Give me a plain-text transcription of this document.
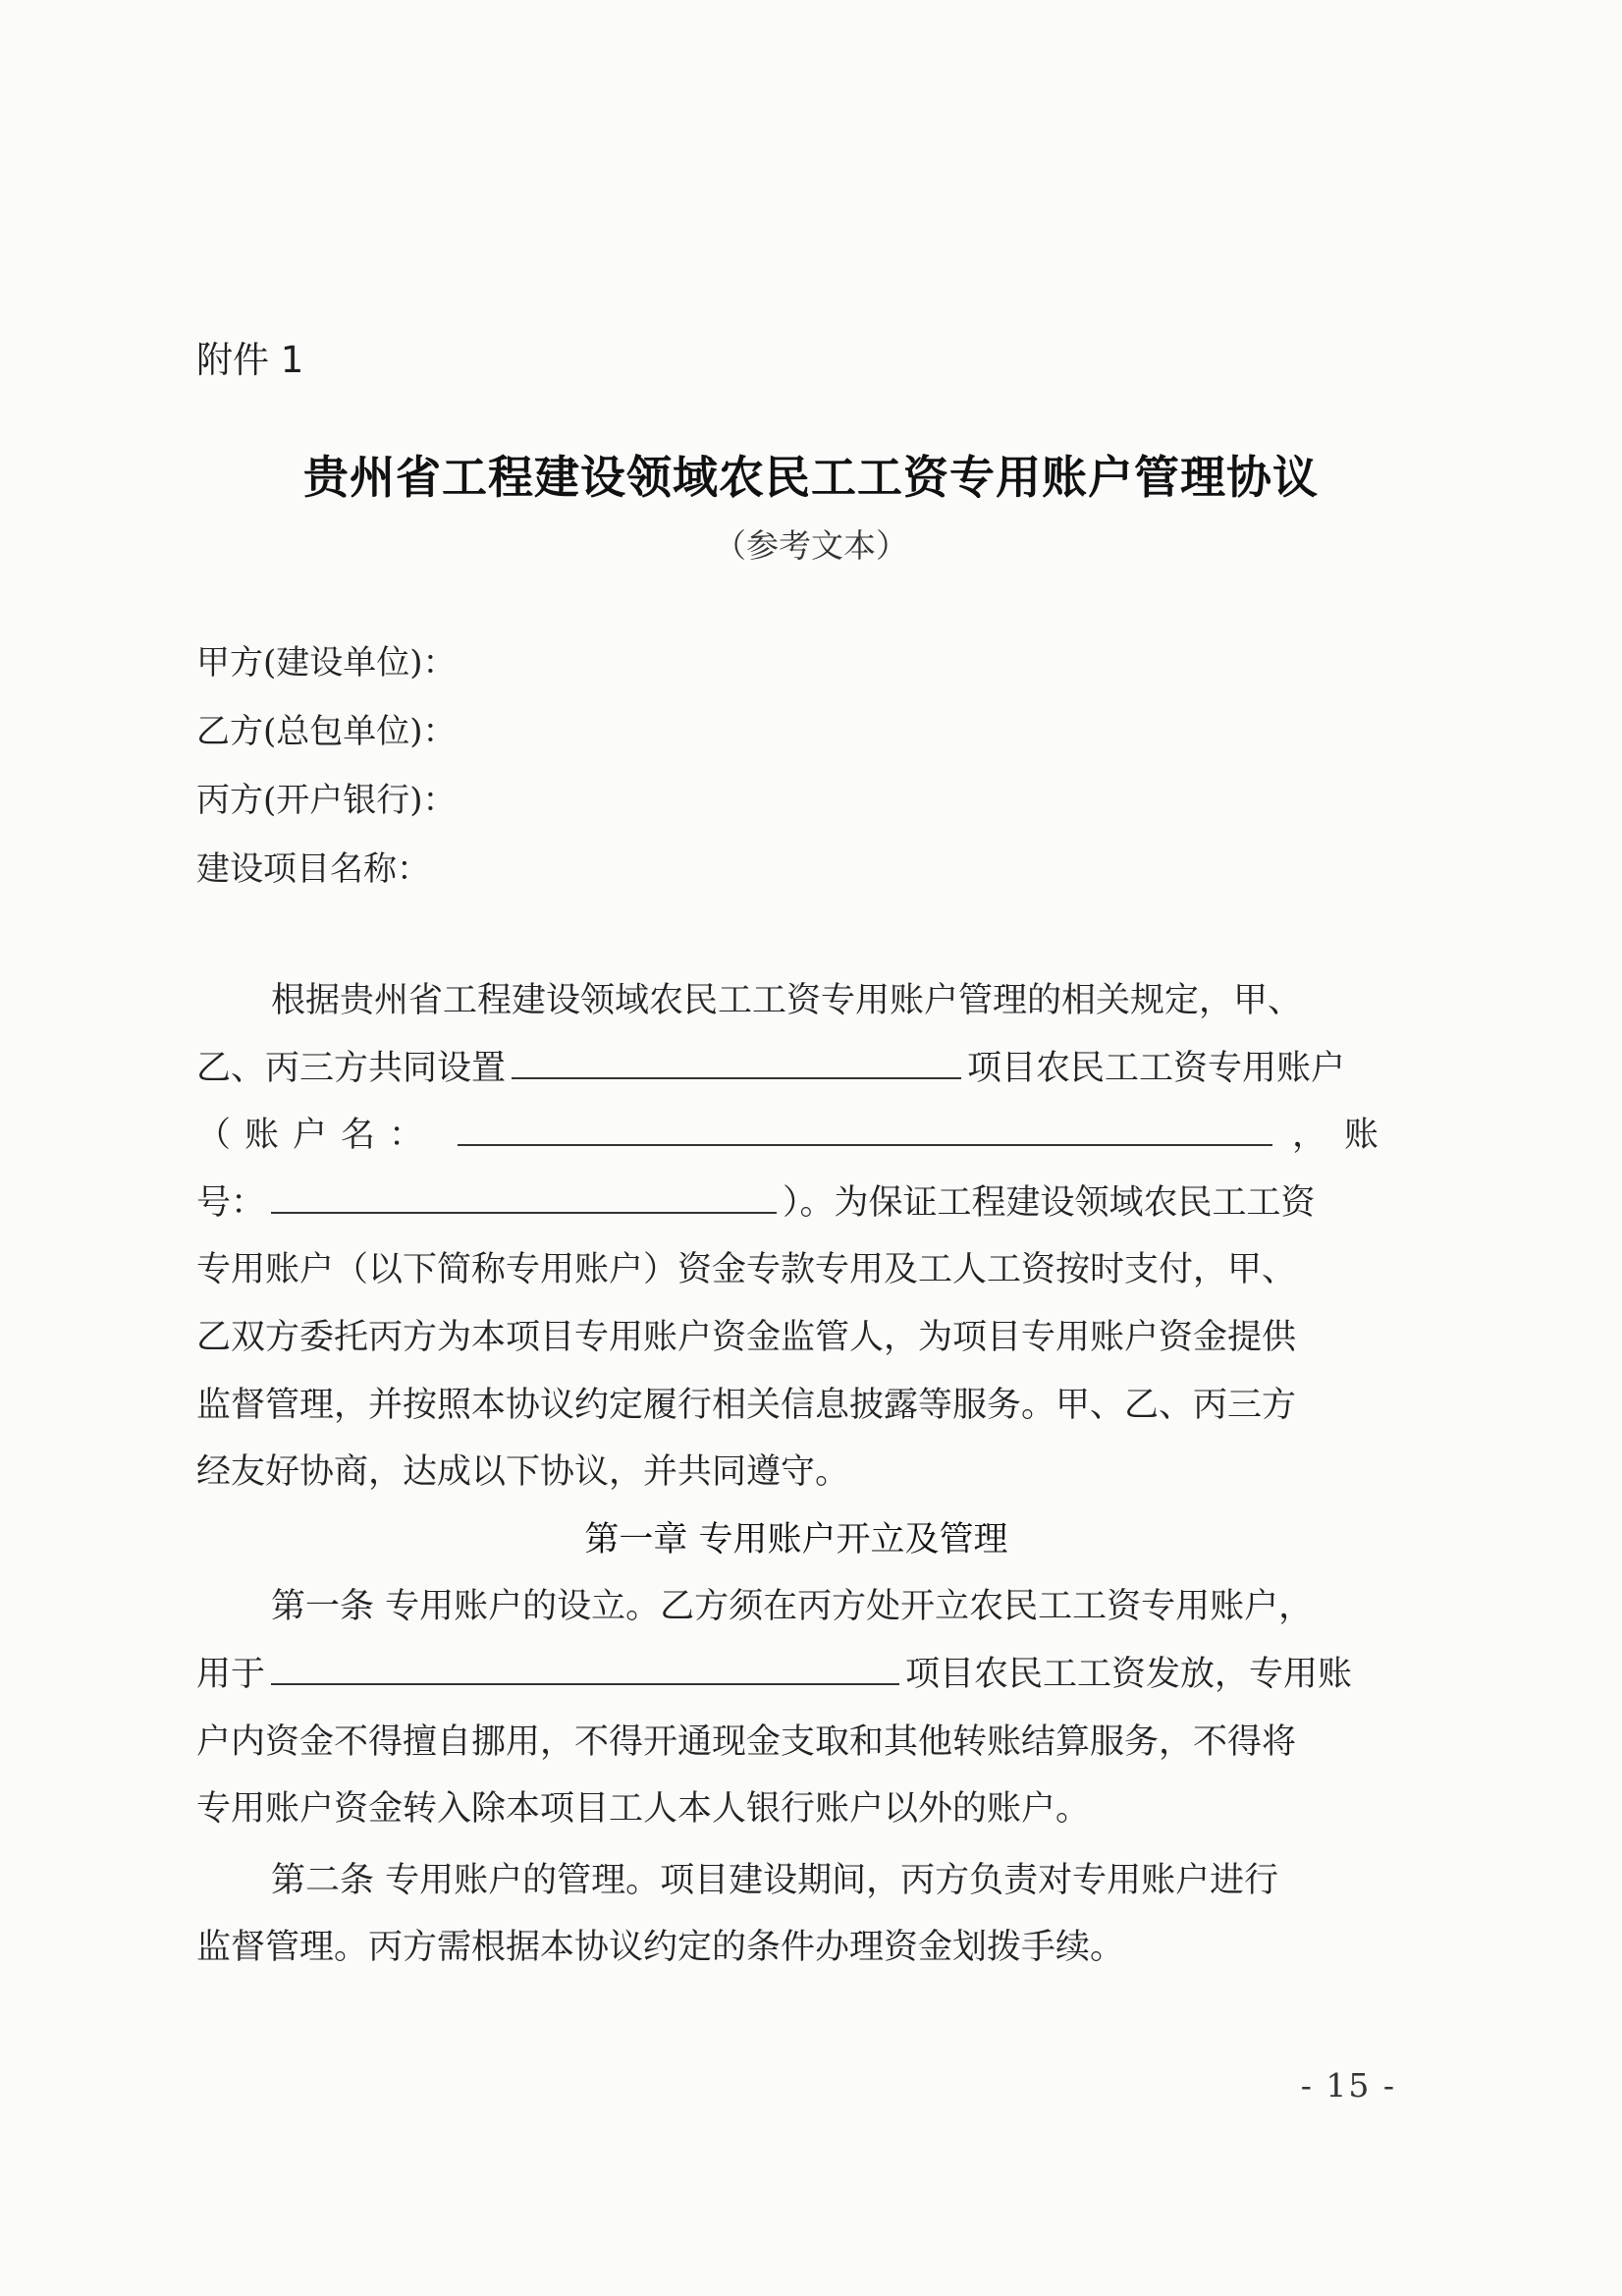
附件 1
贵州省工程建设领域农民工工资专用账户管理协议
（参考文本）
甲方(建设单位)：
乙方(总包单位)：
丙方(开户银行)：
建设项目名称：
根据贵州省工程建设领域农民工工资专用账户管理的相关规定，甲、
乙、丙三方共同设置	项目农民工工资专用账户
（账户名：	，账
号：	）。为保证工程建设领域农民工工资
专用账户（以下简称专用账户）资金专款专用及工人工资按时支付，甲、
乙双方委托丙方为本项目专用账户资金监管人，为项目专用账户资金提供
监督管理，并按照本协议约定履行相关信息披露等服务。甲、乙、丙三方
经友好协商，达成以下协议，并共同遵守。
第一章 专用账户开立及管理
第一条 专用账户的设立。乙方须在丙方处开立农民工工资专用账户，
用于	项目农民工工资发放，专用账
户内资金不得擅自挪用，不得开通现金支取和其他转账结算服务，不得将
专用账户资金转入除本项目工人本人银行账户以外的账户。
第二条 专用账户的管理。项目建设期间，丙方负责对专用账户进行
监督管理。丙方需根据本协议约定的条件办理资金划拨手续。
- 15 -
